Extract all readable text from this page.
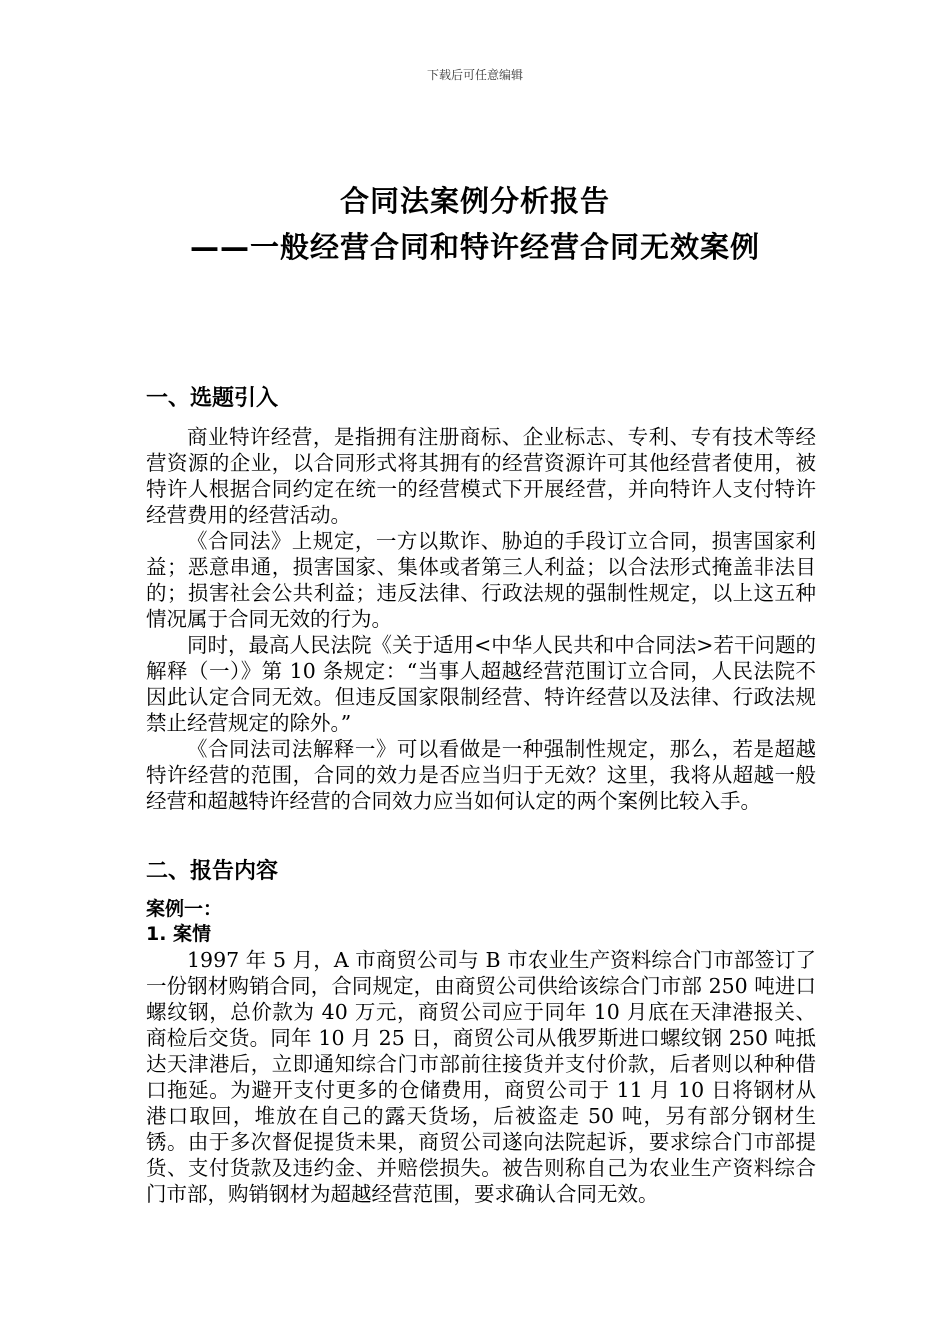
下载后可任意编辑
合同法案例分析报告
——一般经营合同和特许经营合同无效案例
一、选题引入

商业特许经营，是指拥有注册商标、企业标志、专利、专有技术等经营资源的企业，以合同形式将其拥有的经营资源许可其他经营者使用，被特许人根据合同约定在统一的经营模式下开展经营，并向特许人支付特许经营费用的经营活动。

《合同法》上规定，一方以欺诈、胁迫的手段订立合同，损害国家利益；恶意串通，损害国家、集体或者第三人利益；以合法形式掩盖非法目的；损害社会公共利益；违反法律、行政法规的强制性规定，以上这五种情况属于合同无效的行为。

同时，最高人民法院《关于适用<中华人民共和中合同法>若干问题的解释（一）》第 10 条规定：“当事人超越经营范围订立合同，人民法院不因此认定合同无效。但违反国家限制经营、特许经营以及法律、行政法规禁止经营规定的除外。”

《合同法司法解释一》可以看做是一种强制性规定，那么，若是超越特许经营的范围，合同的效力是否应当归于无效？这里，我将从超越一般经营和超越特许经营的合同效力应当如何认定的两个案例比较入手。

二、报告内容
案例一：
1. 案情

1997 年 5 月，A 市商贸公司与 B 市农业生产资料综合门市部签订了一份钢材购销合同，合同规定，由商贸公司供给该综合门市部 250 吨进口螺纹钢，总价款为 40 万元，商贸公司应于同年 10 月底在天津港报关、商检后交货。同年 10 月 25 日，商贸公司从俄罗斯进口螺纹钢 250 吨抵达天津港后，立即通知综合门市部前往接货并支付价款，后者则以种种借口拖延。为避开支付更多的仓储费用，商贸公司于 11 月 10 日将钢材从港口取回，堆放在自己的露天货场，后被盗走 50 吨，另有部分钢材生锈。由于多次督促提货未果，商贸公司遂向法院起诉，要求综合门市部提货、支付货款及违约金、并赔偿损失。被告则称自己为农业生产资料综合门市部，购销钢材为超越经营范围，要求确认合同无效。
